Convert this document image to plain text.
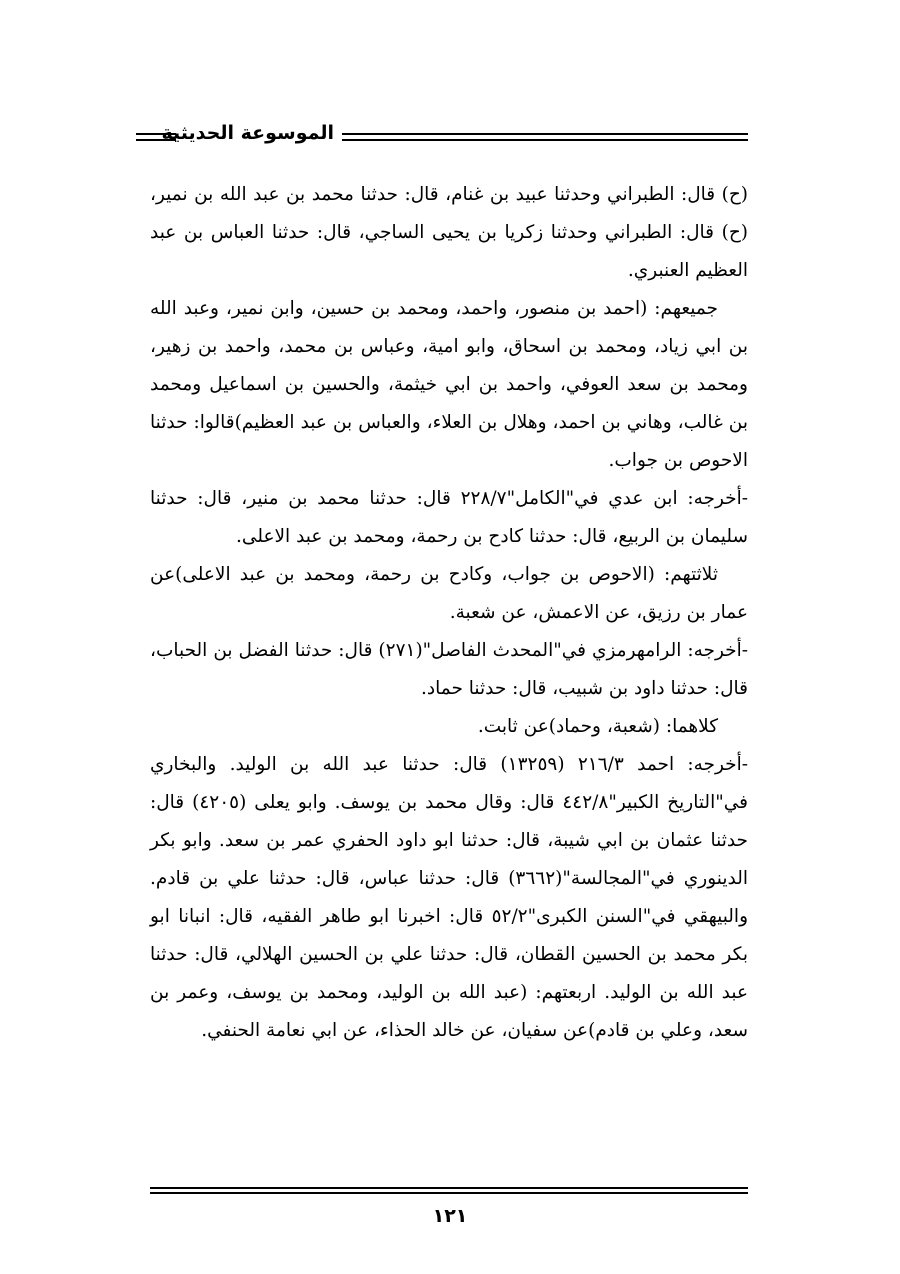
الموسوعة الحديثية

(ح) قال: الطبراني وحدثنا عبيد بن غنام، قال: حدثنا محمد بن عبد الله بن نمير، (ح) قال: الطبراني وحدثنا زكريا بن يحيى الساجي، قال: حدثنا العباس بن عبد العظيم العنبري.

جميعهم: (احمد بن منصور، واحمد، ومحمد بن حسين، وابن نمير، وعبد الله بن ابي زياد، ومحمد بن اسحاق، وابو امية، وعباس بن محمد، واحمد بن زهير، ومحمد بن سعد العوفي، واحمد بن ابي خيثمة، والحسين بن اسماعيل ومحمد بن غالب، وهاني بن احمد، وهلال بن العلاء، والعباس بن عبد العظيم)قالوا: حدثنا الاحوص بن جواب.

-أخرجه: ابن عدي في"الكامل"٢٢٨/٧ قال: حدثنا محمد بن منير، قال: حدثنا سليمان بن الربيع، قال: حدثنا كادح بن رحمة، ومحمد بن عبد الاعلى.

ثلاثتهم: (الاحوص بن جواب، وكادح بن رحمة، ومحمد بن عبد الاعلى)عن عمار بن رزيق، عن الاعمش، عن شعبة.

-أخرجه: الرامهرمزي في"المحدث الفاصل"(٢٧١) قال: حدثنا الفضل بن الحباب، قال: حدثنا داود بن شبيب، قال: حدثنا حماد.

كلاهما: (شعبة، وحماد)عن ثابت.

-أخرجه: احمد ٢١٦/٣ (١٣٢٥٩) قال: حدثنا عبد الله بن الوليد. والبخاري في"التاريخ الكبير"٤٤٢/٨ قال: وقال محمد بن يوسف. وابو يعلى (٤٢٠٥) قال: حدثنا عثمان بن ابي شيبة، قال: حدثنا ابو داود الحفري عمر بن سعد. وابو بكر الدينوري في"المجالسة"(٣٦٦٢) قال: حدثنا عباس، قال: حدثنا علي بن قادم. والبيهقي في"السنن الكبرى"٥٢/٢ قال: اخبرنا ابو طاهر الفقيه، قال: انبانا ابو بكر محمد بن الحسين القطان، قال: حدثنا علي بن الحسين الهلالي، قال: حدثنا عبد الله بن الوليد. اربعتهم: (عبد الله بن الوليد، ومحمد بن يوسف، وعمر بن سعد، وعلي بن قادم)عن سفيان، عن خالد الحذاء، عن ابي نعامة الحنفي.

١٢١
